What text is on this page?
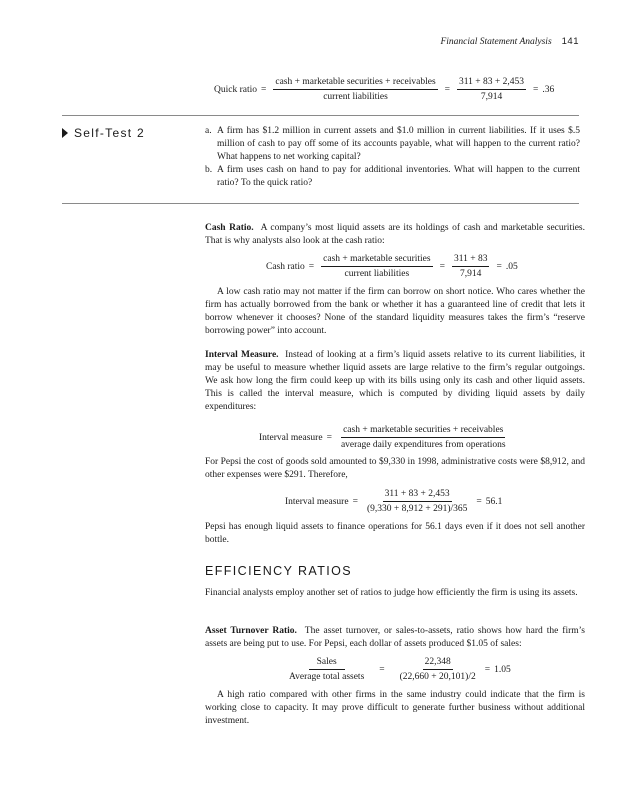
Financial Statement Analysis 141
Quick ratio = $\frac{\text{cash + marketable securities + receivables}}{\text{current liabilities}} = \frac{311 + 83 + 2,453}{7,914} = .36$
Self-Test 2	a. A firm has $1.2 million in current assets and $1.0 million in current liabilities. If it uses $.5 million of cash to pay off some of its accounts payable, what will happen to the current ratio? What happens to net working capital?
b. A firm uses cash on hand to pay for additional inventories. What will happen to the current ratio? To the quick ratio?
Cash Ratio. A company’s most liquid assets are its holdings of cash and marketable securities. That is why analysts also look at the cash ratio:
Cash ratio = $\frac{\text{cash + marketable securities}}{\text{current liabilities}} = \frac{311 + 83}{7,914} = .05$
A low cash ratio may not matter if the firm can borrow on short notice. Who cares whether the firm has actually borrowed from the bank or whether it has a guaranteed line of credit that lets it borrow whenever it chooses? None of the standard liquidity measures takes the firm’s “reserve borrowing power” into account.
Interval Measure. Instead of looking at a firm’s liquid assets relative to its current liabilities, it may be useful to measure whether liquid assets are large relative to the firm’s regular outgoings. We ask how long the firm could keep up with its bills using only its cash and other liquid assets. This is called the interval measure, which is computed by dividing liquid assets by daily expenditures:
Interval measure = $\frac{\text{cash + marketable securities + receivables}}{\text{average daily expenditures from operations}}$
For Pepsi the cost of goods sold amounted to $9,330 in 1998, administrative costs were $8,912, and other expenses were $291. Therefore,
Interval measure = $\frac{311 + 83 + 2,453}{(9,330 + 8,912 + 291)/365} = 56.1$
Pepsi has enough liquid assets to finance operations for 56.1 days even if it does not sell another bottle.
EFFICIENCY RATIOS
Financial analysts employ another set of ratios to judge how efficiently the firm is using its assets.
Asset Turnover Ratio. The asset turnover, or sales-to-assets, ratio shows how hard the firm’s assets are being put to use. For Pepsi, each dollar of assets produced $1.05 of sales:
$\frac{\text{Sales}}{\text{Average total assets}} = \frac{22,348}{(22,660 + 20,101)/2} = 1.05$
A high ratio compared with other firms in the same industry could indicate that the firm is working close to capacity. It may prove difficult to generate further business without additional investment.
